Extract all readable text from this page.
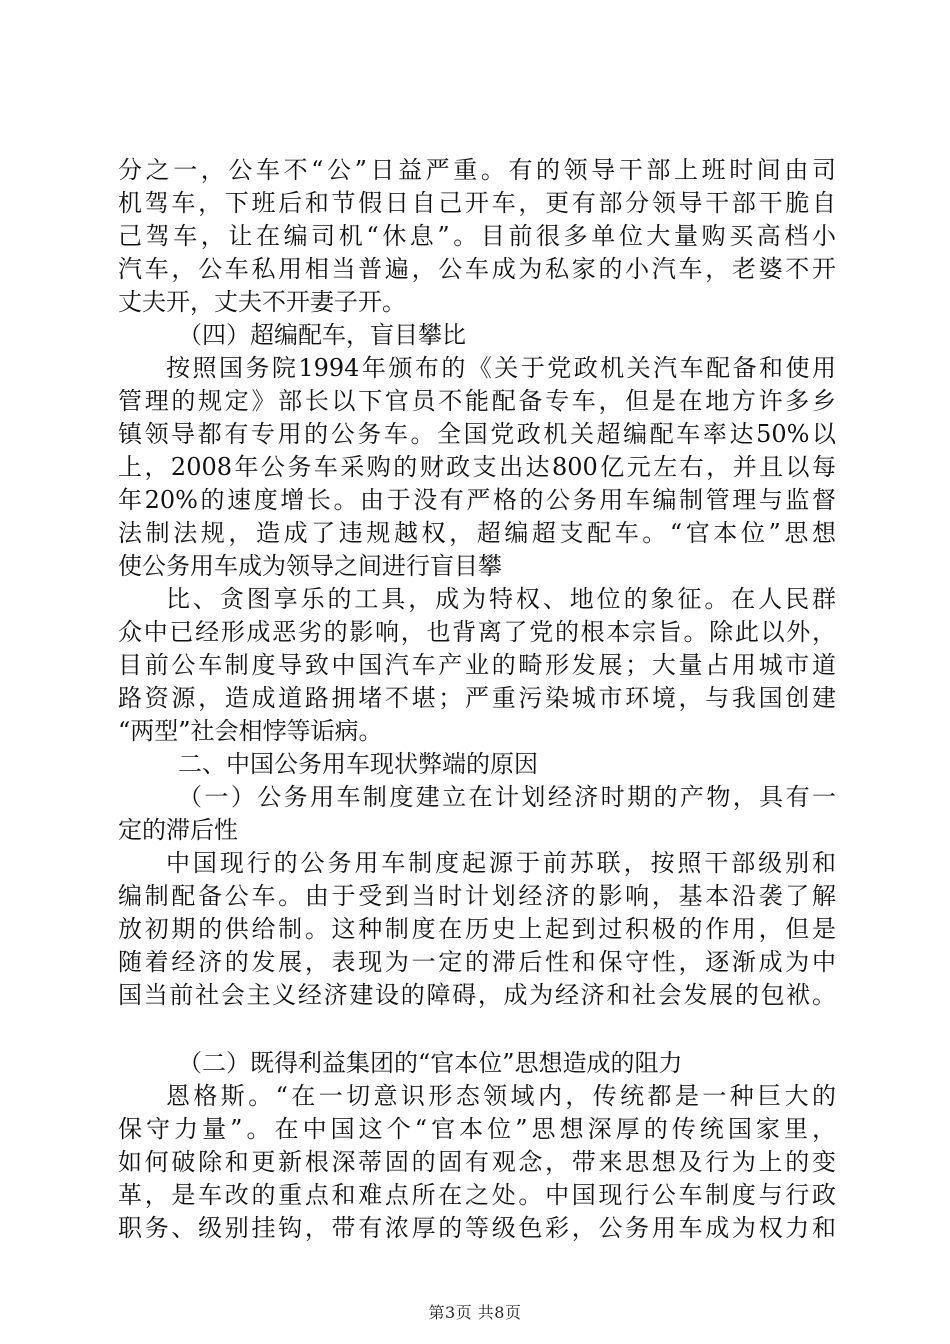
分之一，公车不“公”日益严重。有的领导干部上班时间由司
机驾车，下班后和节假日自己开车，更有部分领导干部干脆自
己驾车，让在编司机“休息”。目前很多单位大量购买高档小
汽车，公车私用相当普遍，公车成为私家的小汽车，老婆不开
丈夫开，丈夫不开妻子开。
（四）超编配车，盲目攀比
按照国务院1994年颁布的《关于党政机关汽车配备和使用
管理的规定》部长以下官员不能配备专车，但是在地方许多乡
镇领导都有专用的公务车。全国党政机关超编配车率达50%以
上，2008年公务车采购的财政支出达800亿元左右，并且以每
年20%的速度增长。由于没有严格的公务用车编制管理与监督
法制法规，造成了违规越权，超编超支配车。“官本位”思想
使公务用车成为领导之间进行盲目攀
比、贪图享乐的工具，成为特权、地位的象征。在人民群
众中已经形成恶劣的影响，也背离了党的根本宗旨。除此以外，
目前公车制度导致中国汽车产业的畸形发展；大量占用城市道
路资源，造成道路拥堵不堪；严重污染城市环境，与我国创建
“两型”社会相悖等诟病。
二、中国公务用车现状弊端的原因
（一）公务用车制度建立在计划经济时期的产物，具有一
定的滞后性
中国现行的公务用车制度起源于前苏联，按照干部级别和
编制配备公车。由于受到当时计划经济的影响，基本沿袭了解
放初期的供给制。这种制度在历史上起到过积极的作用，但是
随着经济的发展，表现为一定的滞后性和保守性，逐渐成为中
国当前社会主义经济建设的障碍，成为经济和社会发展的包袱。
（二）既得利益集团的“官本位”思想造成的阻力
恩格斯。“在一切意识形态领域内，传统都是一种巨大的
保守力量”。在中国这个“官本位”思想深厚的传统国家里，
如何破除和更新根深蒂固的固有观念，带来思想及行为上的变
革，是车改的重点和难点所在之处。中国现行公车制度与行政
职务、级别挂钩，带有浓厚的等级色彩，公务用车成为权力和
第3页 共8页
